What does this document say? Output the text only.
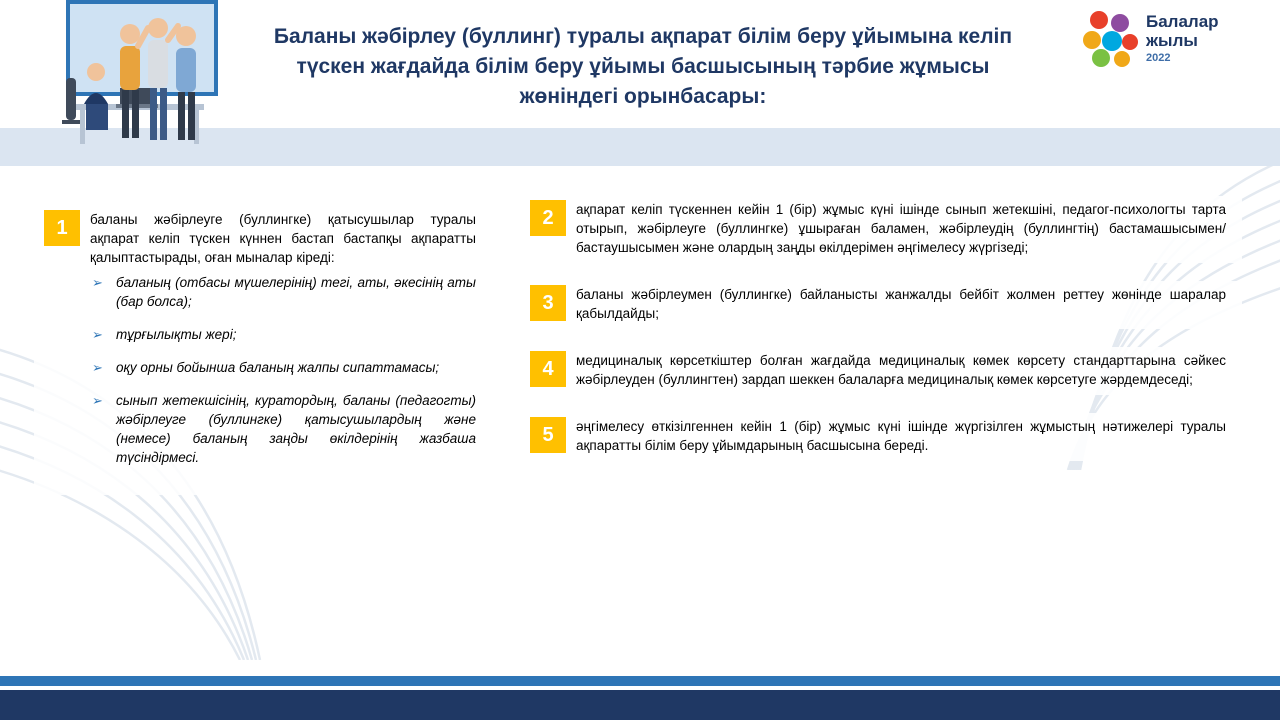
Баланы жәбірлеу (буллинг) туралы ақпарат білім беру ұйымына келіп түскен жағдайда білім беру ұйымы басшысының тәрбие жұмысы жөніндегі орынбасары:
Балалар
жылы
2022
1	баланы жәбірлеуге (буллингке) қатысушылар туралы ақпарат келіп түскен күннен бастап бастапқы ақпаратты қалыптастырады, оған мыналар кіреді:

➢ баланың (отбасы мүшелерінің) тегі, аты, әкесінің аты (бар болса);
➢ тұрғылықты жері;
➢ оқу орны бойынша баланың жалпы сипаттамасы;
➢ сынып жетекшісінің, куратордың, баланы (педагогты) жәбірлеуге (буллингке) қатысушылардың және (немесе) баланың заңды өкілдерінің жазбаша түсіндірмесі.
2	ақпарат келіп түскеннен кейін 1 (бір) жұмыс күні ішінде сынып жетекшіні, педагог-психологты тарта отырып, жәбірлеуге (буллингке) ұшыраған баламен, жәбірлеудің (буллингтің) бастамашысымен/бастаушысымен және олардың заңды өкілдерімен әңгімелесу жүргізеді;
3	баланы жәбірлеумен (буллингке) байланысты жанжалды бейбіт жолмен реттеу жөнінде шаралар қабылдайды;
4	медициналық көрсеткіштер болған жағдайда медициналық көмек көрсету стандарттарына сәйкес жәбірлеуден (буллингтен) зардап шеккен балаларға медициналық көмек көрсетуге жәрдемдеседі;
5	әңгімелесу өткізілгеннен кейін 1 (бір) жұмыс күні ішінде жүргізілген жұмыстың нәтижелері туралы ақпаратты білім беру ұйымдарының басшысына береді.
